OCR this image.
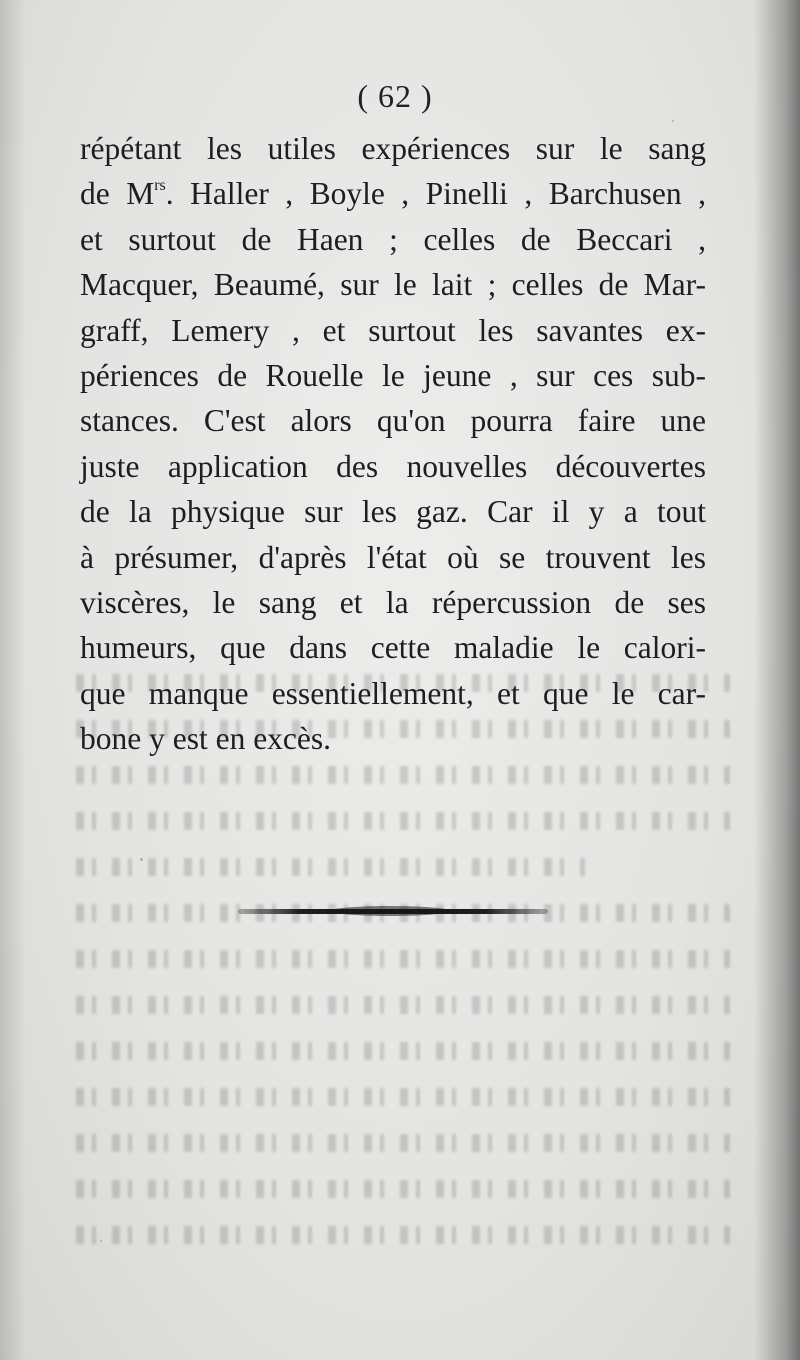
( 62 )
répétant les utiles expériences sur le sang
de $M^{rs}$. Haller , Boyle , Pinelli , Barchusen ,
et surtout de Haen ; celles de Beccari ,
Macquer, Beaumé, sur le lait ; celles de Mar-
graff, Lemery , et surtout les savantes ex-
périences de Rouelle le jeune , sur ces sub-
stances. C'est alors qu'on pourra faire une
juste application des nouvelles découvertes
de la physique sur les gaz. Car il y a tout
à présumer, d'après l'état où se trouvent les
viscères, le sang et la répercussion de ses
humeurs, que dans cette maladie le calori-
que manque essentiellement, et que le car-
bone y est en excès.
